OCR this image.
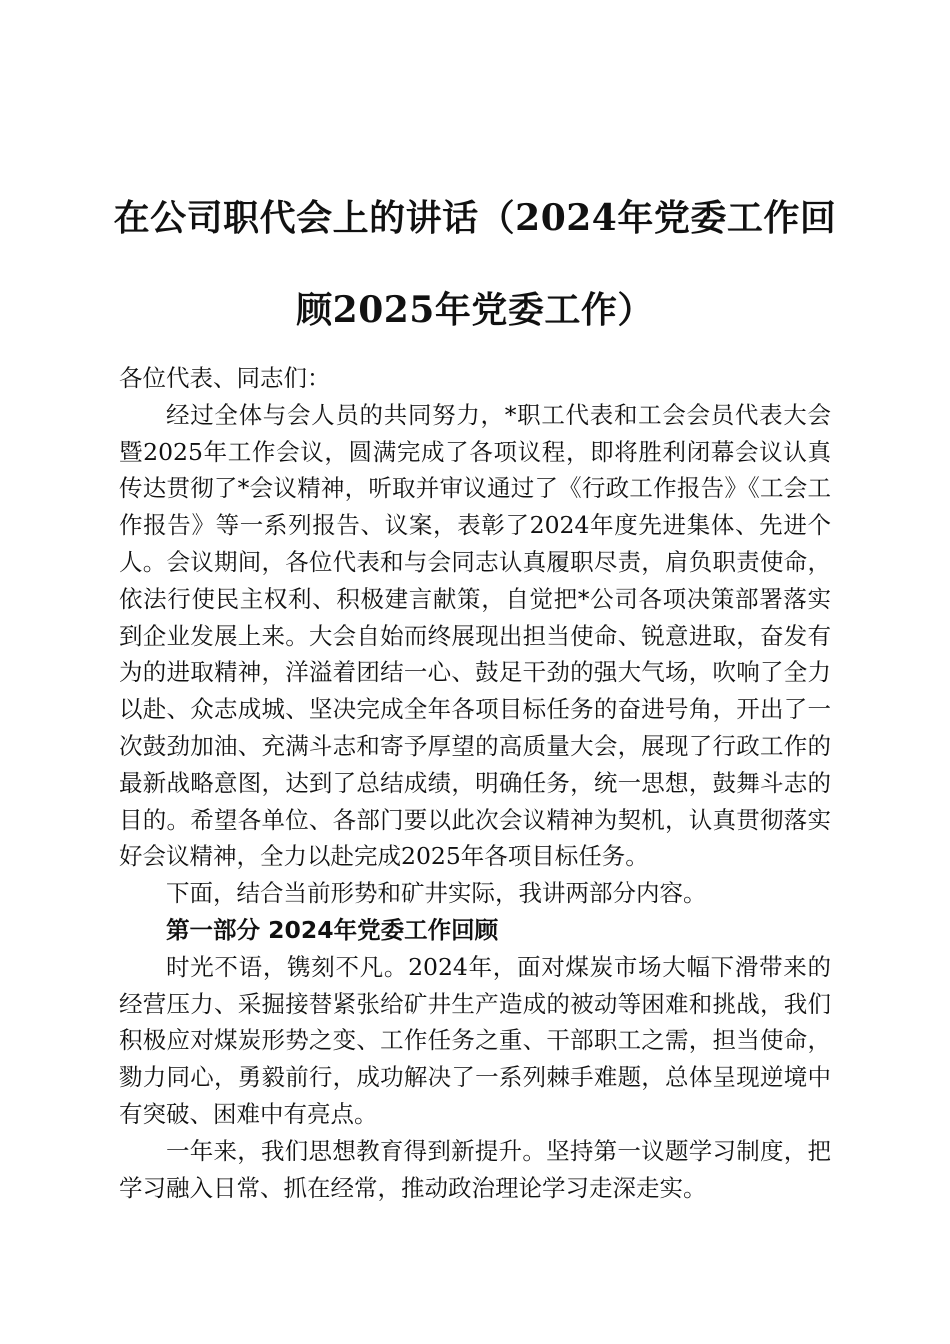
在公司职代会上的讲话（2024年党委工作回顾2025年党委工作）

各位代表、同志们：

经过全体与会人员的共同努力，*职工代表和工会会员代表大会暨2025年工作会议，圆满完成了各项议程，即将胜利闭幕会议认真传达贯彻了*会议精神，听取并审议通过了《行政工作报告》《工会工作报告》等一系列报告、议案，表彰了2024年度先进集体、先进个人。会议期间，各位代表和与会同志认真履职尽责，肩负职责使命，依法行使民主权利、积极建言献策，自觉把*公司各项决策部署落实到企业发展上来。大会自始而终展现出担当使命、锐意进取，奋发有为的进取精神，洋溢着团结一心、鼓足干劲的强大气场，吹响了全力以赴、众志成城、坚决完成全年各项目标任务的奋进号角，开出了一次鼓劲加油、充满斗志和寄予厚望的高质量大会，展现了行政工作的最新战略意图，达到了总结成绩，明确任务，统一思想，鼓舞斗志的目的。希望各单位、各部门要以此次会议精神为契机，认真贯彻落实好会议精神，全力以赴完成2025年各项目标任务。

下面，结合当前形势和矿井实际，我讲两部分内容。

第一部分 2024年党委工作回顾

时光不语，镌刻不凡。2024年，面对煤炭市场大幅下滑带来的经营压力、采掘接替紧张给矿井生产造成的被动等困难和挑战，我们积极应对煤炭形势之变、工作任务之重、干部职工之需，担当使命，勠力同心，勇毅前行，成功解决了一系列棘手难题，总体呈现逆境中有突破、困难中有亮点。

一年来，我们思想教育得到新提升。坚持第一议题学习制度，把学习融入日常、抓在经常，推动政治理论学习走深走实。
